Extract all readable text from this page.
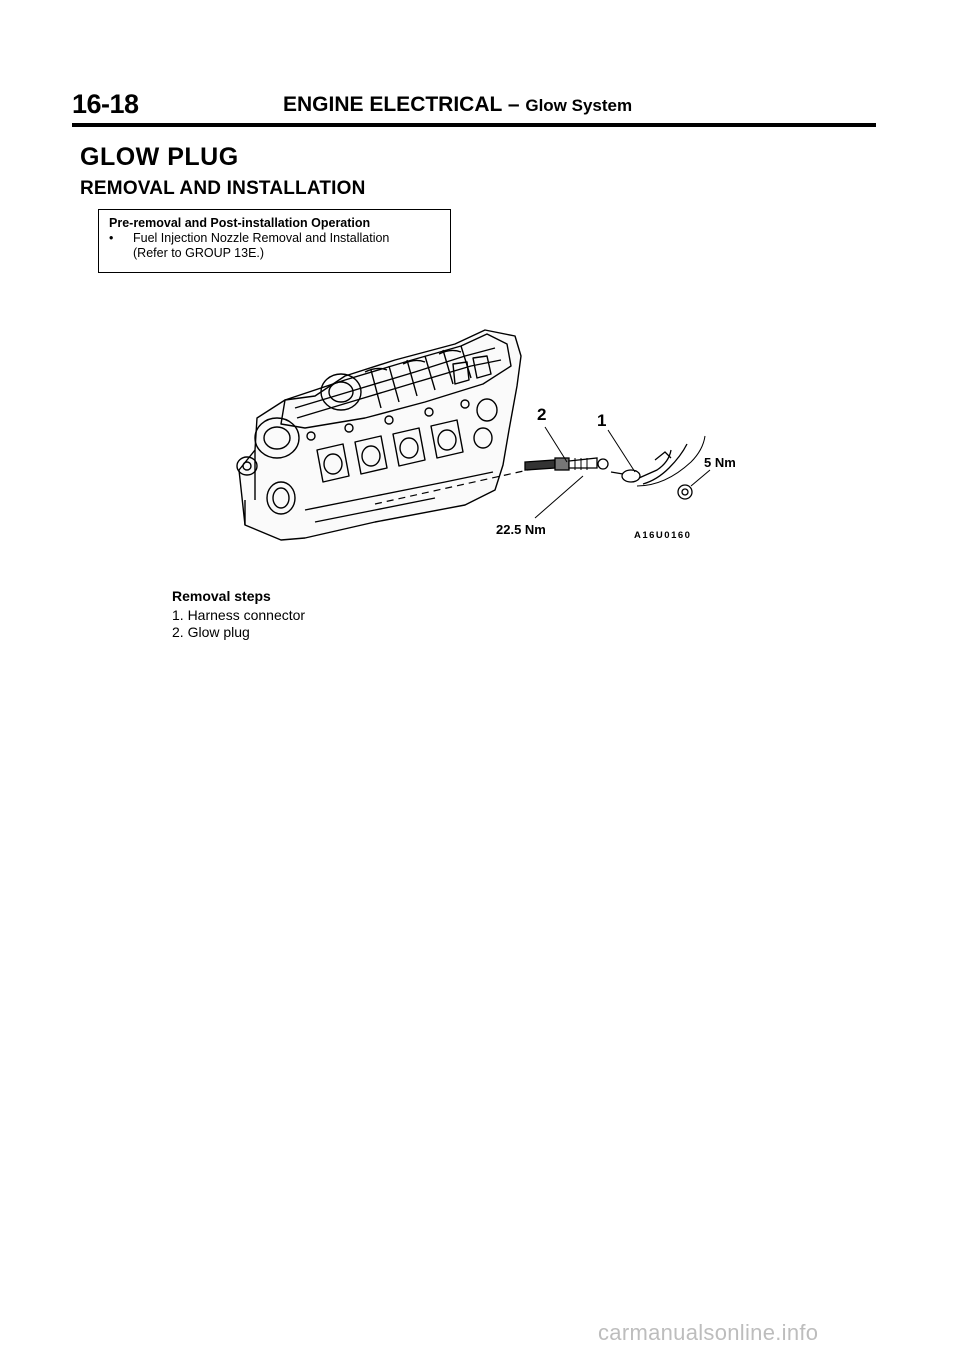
16-18	ENGINE ELECTRICAL – Glow System
GLOW PLUG
REMOVAL AND INSTALLATION
Pre-removal and Post-installation Operation
• Fuel Injection Nozzle Removal and Installation
(Refer to GROUP 13E.)
2	1
5 Nm
22.5 Nm	A16U0160
Removal steps
1. Harness connector
2. Glow plug
carmanualsonline.info
